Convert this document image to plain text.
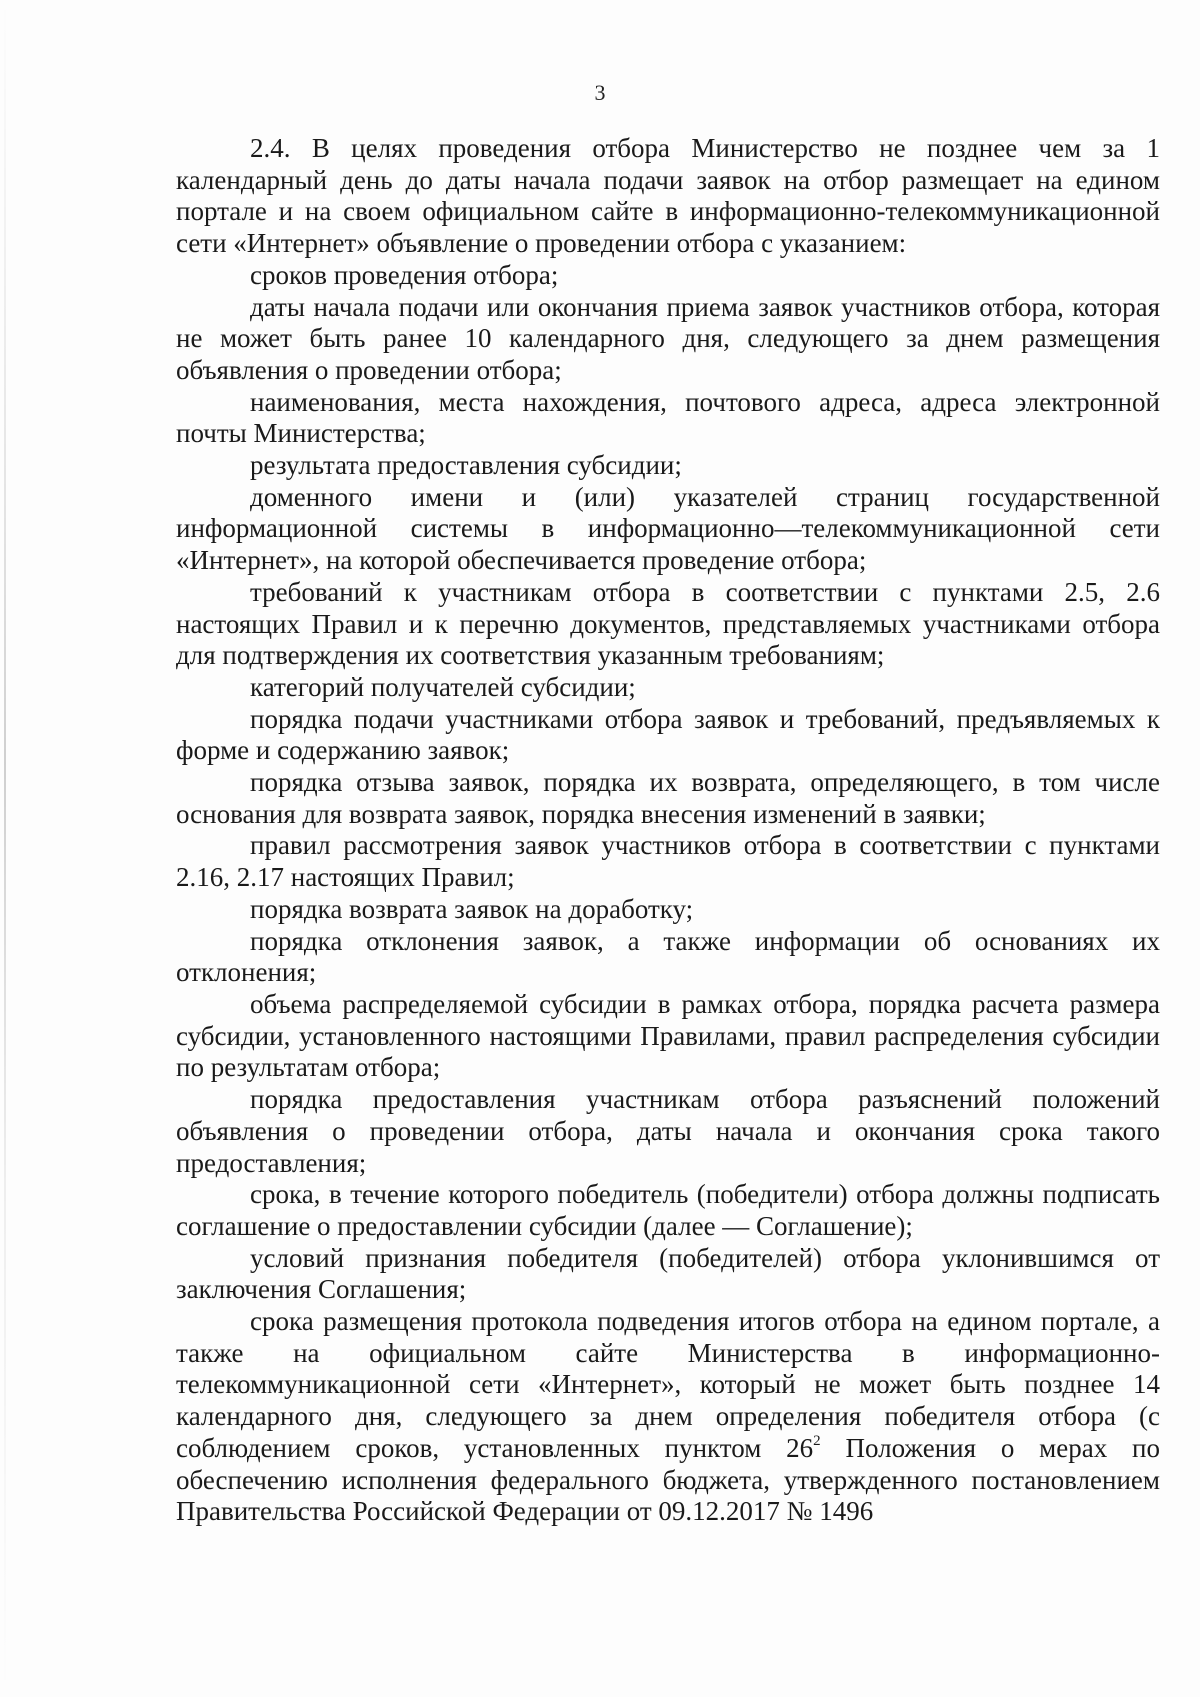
3

2.4. В целях проведения отбора Министерство не позднее чем за 1 календарный день до даты начала подачи заявок на отбор размещает на едином портале и на своем официальном сайте в информационно-телекоммуникационной сети «Интернет» объявление о проведении отбора с указанием:

сроков проведения отбора;

даты начала подачи или окончания приема заявок участников отбора, которая не может быть ранее 10 календарного дня, следующего за днем размещения объявления о проведении отбора;

наименования, места нахождения, почтового адреса, адреса электронной почты Министерства;

результата предоставления субсидии;

доменного имени и (или) указателей страниц государственной информационной системы в информационно—телекоммуникационной сети «Интернет», на которой обеспечивается проведение отбора;

требований к участникам отбора в соответствии с пунктами 2.5, 2.6 настоящих Правил и к перечню документов, представляемых участниками отбора для подтверждения их соответствия указанным требованиям;

категорий получателей субсидии;

порядка подачи участниками отбора заявок и требований, предъявляемых к форме и содержанию заявок;

порядка отзыва заявок, порядка их возврата, определяющего, в том числе основания для возврата заявок, порядка внесения изменений в заявки;

правил рассмотрения заявок участников отбора в соответствии с пунктами 2.16, 2.17 настоящих Правил;

порядка возврата заявок на доработку;

порядка отклонения заявок, а также информации об основаниях их отклонения;

объема распределяемой субсидии в рамках отбора, порядка расчета размера субсидии, установленного настоящими Правилами, правил распределения субсидии по результатам отбора;

порядка предоставления участникам отбора разъяснений положений объявления о проведении отбора, даты начала и окончания срока такого предоставления;

срока, в течение которого победитель (победители) отбора должны подписать соглашение о предоставлении субсидии (далее — Соглашение);

условий признания победителя (победителей) отбора уклонившимся от заключения Соглашения;

срока размещения протокола подведения итогов отбора на едином портале, а также на официальном сайте Министерства в информационно-телекоммуникационной сети «Интернет», который не может быть позднее 14 календарного дня, следующего за днем определения победителя отбора (с соблюдением сроков, установленных пунктом $26^2$ Положения о мерах по обеспечению исполнения федерального бюджета, утвержденного постановлением Правительства Российской Федерации от 09.12.2017 № 1496
